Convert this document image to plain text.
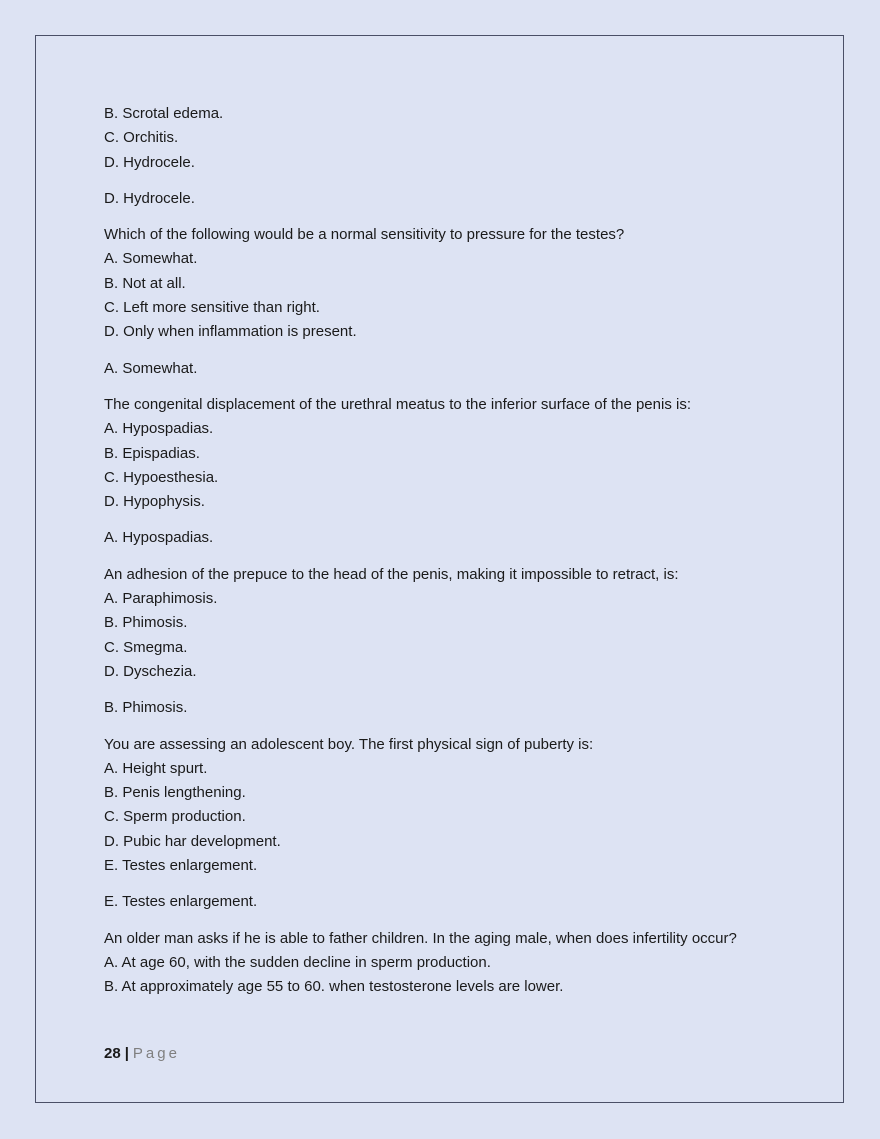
B. Scrotal edema.
C. Orchitis.
D. Hydrocele.
D. Hydrocele.
Which of the following would be a normal sensitivity to pressure for the testes?
A. Somewhat.
B. Not at all.
C. Left more sensitive than right.
D. Only when inflammation is present.
A. Somewhat.
The congenital displacement of the urethral meatus to the inferior surface of the penis is:
A. Hypospadias.
B. Epispadias.
C. Hypoesthesia.
D. Hypophysis.
A. Hypospadias.
An adhesion of the prepuce to the head of the penis, making it impossible to retract, is:
A. Paraphimosis.
B. Phimosis.
C. Smegma.
D. Dyschezia.
B. Phimosis.
You are assessing an adolescent boy. The first physical sign of puberty is:
A. Height spurt.
B. Penis lengthening.
C. Sperm production.
D. Pubic har development.
E. Testes enlargement.
E. Testes enlargement.
An older man asks if he is able to father children. In the aging male, when does infertility occur?
A. At age 60, with the sudden decline in sperm production.
B. At approximately age 55 to 60. when testosterone levels are lower.
28 | Page
